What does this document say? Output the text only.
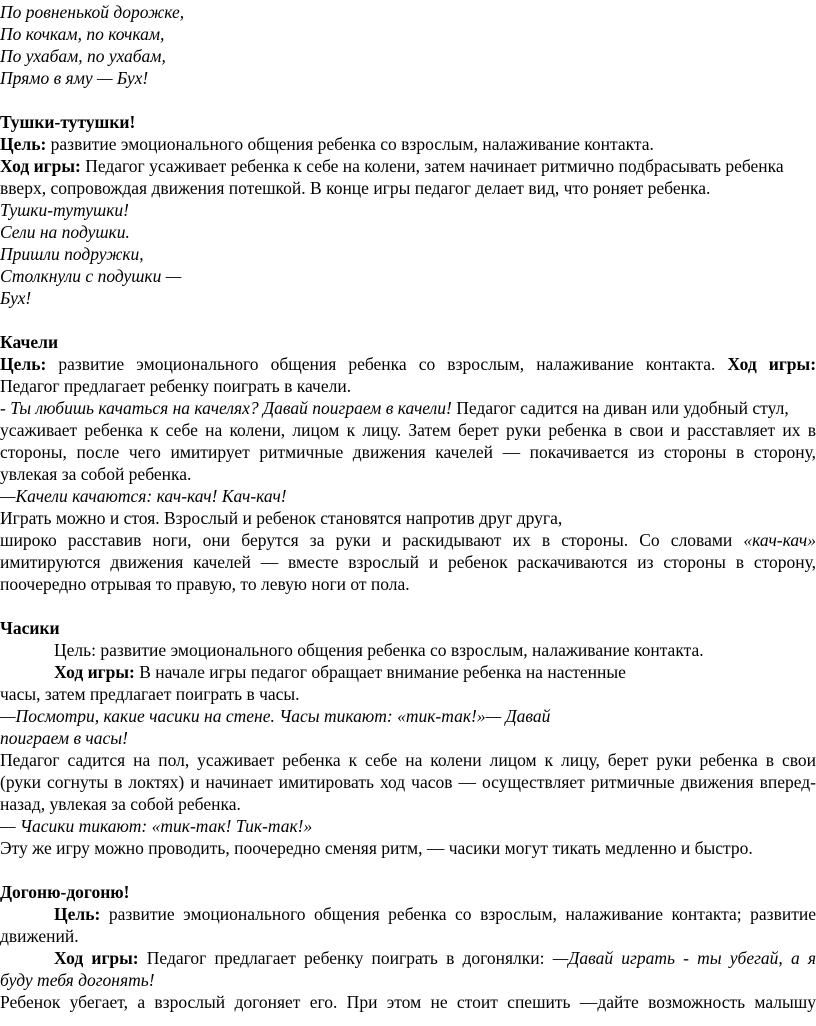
По ровненькой дорожке,
По кочкам, по кочкам,
По ухабам, по ухабам,
Прямо в яму — Бух!
Тушки-тутушки!
Цель: развитие эмоционального общения ребенка со взрослым, налаживание контакта.
Ход игры: Педагог усаживает ребенка к себе на колени, затем начинает ритмично подбрасывать ребенка
вверх, сопровождая движения потешкой. В конце игры педагог делает вид, что роняет ребенка.
Тушки-тутушки!
Сели на подушки.
Пришли подружки,
Столкнули с подушки —
Бух!
Качели
Цель: развитие эмоционального общения ребенка со взрослым, налаживание контакта. Ход игры:
Педагог предлагает ребенку поиграть в качели.
- Ты любишь качаться на качелях? Давай поиграем в качели! Педагог садится на диван или удобный стул,
усаживает ребенка к себе на колени, лицом к лицу. Затем берет руки ребенка в свои и расставляет их в
стороны, после чего имитирует ритмичные движения качелей — покачивается из стороны в сторону,
увлекая за собой ребенка.
—Качели качаются: кач-кач! Кач-кач!
Играть можно и стоя. Взрослый и ребенок становятся напротив друг друга,
широко расставив ноги, они берутся за руки и раскидывают их в стороны. Со словами «кач-кач»
имитируются движения качелей — вместе взрослый и ребенок раскачиваются из стороны в сторону,
поочередно отрывая то правую, то левую ноги от пола.
Часики
Цель: развитие эмоционального общения ребенка со взрослым, налаживание контакта.
Ход игры: В начале игры педагог обращает внимание ребенка на настенные
часы, затем предлагает поиграть в часы.
—Посмотри, какие часики на стене. Часы тикают: «тик-так!»— Давай
поиграем в часы!
Педагог садится на пол, усаживает ребенка к себе на колени лицом к лицу, берет руки ребенка в свои
(руки согнуты в локтях) и начинает имитировать ход часов — осуществляет ритмичные движения вперед-
назад, увлекая за собой ребенка.
— Часики тикают: «тик-так! Тик-так!»
Эту же игру можно проводить, поочередно сменяя ритм, — часики могут тикать медленно и быстро.
Догоню-догоню!
Цель: развитие эмоционального общения ребенка со взрослым, налаживание контакта; развитие
движений.
Ход игры: Педагог предлагает ребенку поиграть в догонялки: —Давай играть - ты убегай, а я
буду тебя догонять!
Ребенок убегает, а взрослый догоняет его. При этом не стоит спешить —дайте возможность малышу
